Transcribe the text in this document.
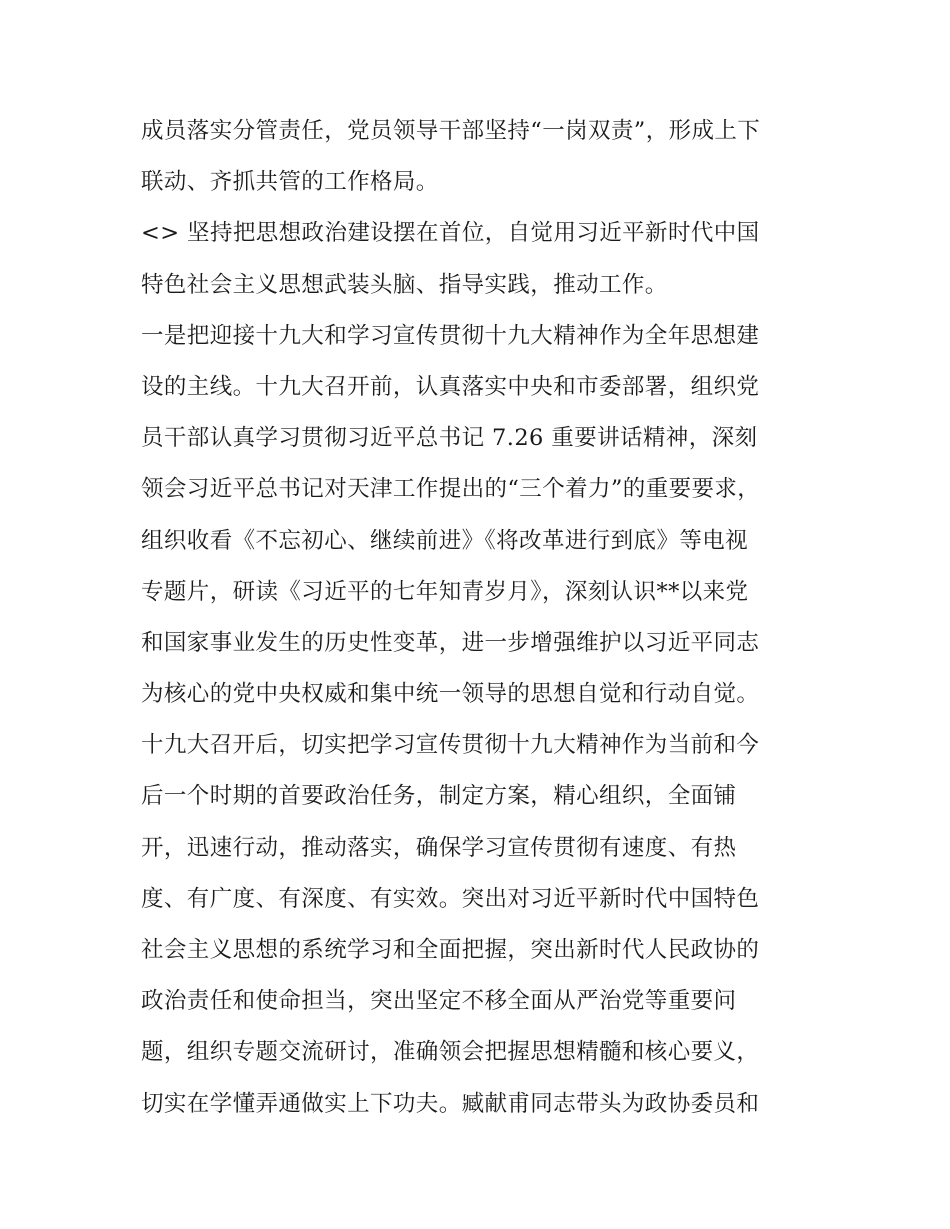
成员落实分管责任，党员领导干部坚持“一岗双责”，形成上下
联动、齐抓共管的工作格局。
<> 坚持把思想政治建设摆在首位，自觉用习近平新时代中国
特色社会主义思想武装头脑、指导实践，推动工作。
一是把迎接十九大和学习宣传贯彻十九大精神作为全年思想建
设的主线。十九大召开前，认真落实中央和市委部署，组织党
员干部认真学习贯彻习近平总书记 7.26 重要讲话精神，深刻
领会习近平总书记对天津工作提出的“三个着力”的重要要求，
组织收看《不忘初心、继续前进》《将改革进行到底》等电视
专题片，研读《习近平的七年知青岁月》，深刻认识**以来党
和国家事业发生的历史性变革，进一步增强维护以习近平同志
为核心的党中央权威和集中统一领导的思想自觉和行动自觉。
十九大召开后，切实把学习宣传贯彻十九大精神作为当前和今
后一个时期的首要政治任务，制定方案，精心组织，全面铺
开，迅速行动，推动落实，确保学习宣传贯彻有速度、有热
度、有广度、有深度、有实效。突出对习近平新时代中国特色
社会主义思想的系统学习和全面把握，突出新时代人民政协的
政治责任和使命担当，突出坚定不移全面从严治党等重要问
题，组织专题交流研讨，准确领会把握思想精髓和核心要义，
切实在学懂弄通做实上下功夫。臧献甫同志带头为政协委员和
